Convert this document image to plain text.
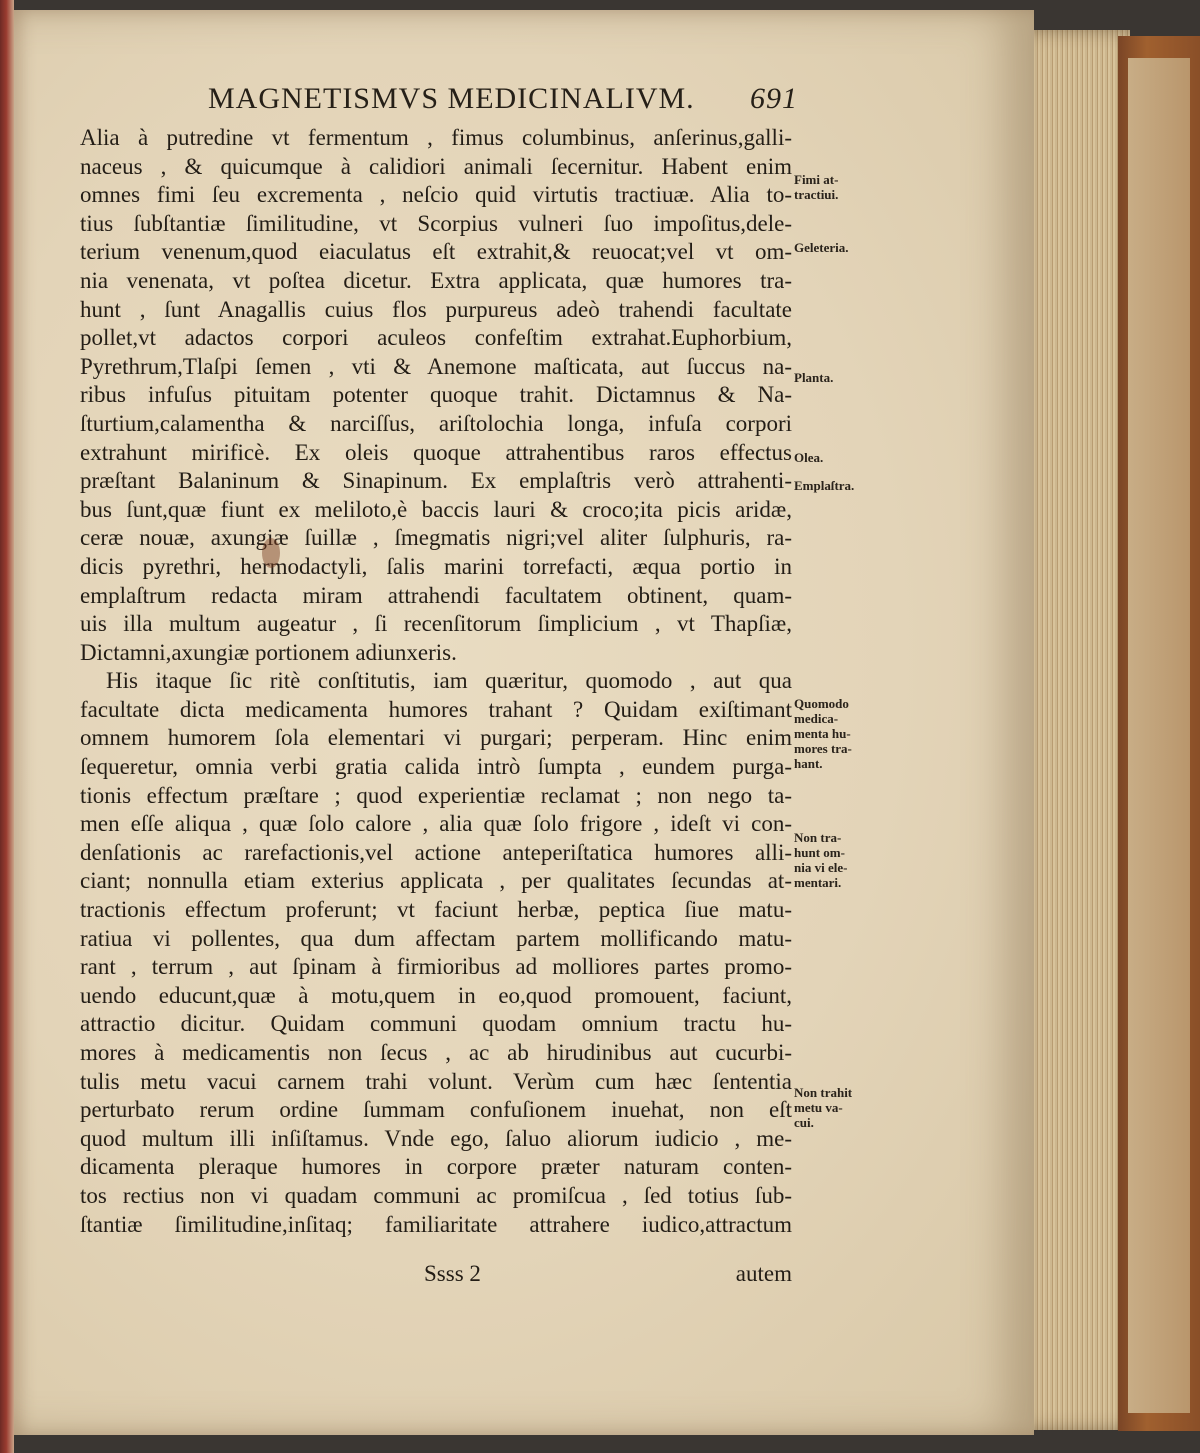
MAGNETISMVS MEDICINALIVM. 691
Alia à putredine vt fermentum , fimus columbinus, anſerinus,galli-
naceus , & quicumque à calidiori animali ſecernitur. Habent enim
omnes fimi ſeu excrementa , neſcio quid virtutis tractiuæ. Alia to-
tius ſubſtantiæ ſimilitudine, vt Scorpius vulneri ſuo impoſitus,dele-
terium venenum,quod eiaculatus eſt extrahit,& reuocat;vel vt om-
nia venenata, vt poſtea dicetur. Extra applicata, quæ humores tra-
hunt , ſunt Anagallis cuius flos purpureus adeò trahendi facultate
pollet,vt adactos corpori aculeos confeſtim extrahat.Euphorbium,
Pyrethrum,Tlaſpi ſemen , vti & Anemone maſticata, aut ſuccus na-
ribus infuſus pituitam potenter quoque trahit. Dictamnus & Na-
ſturtium,calamentha & narciſſus, ariſtolochia longa, infuſa corpori
extrahunt mirificè. Ex oleis quoque attrahentibus raros effectus
præſtant Balaninum & Sinapinum. Ex emplaſtris verò attrahenti-
bus ſunt,quæ fiunt ex meliloto,è baccis lauri & croco;ita picis aridæ,
ceræ nouæ, axungiæ ſuillæ , ſmegmatis nigri;vel aliter ſulphuris, ra-
dicis pyrethri, hermodactyli, ſalis marini torrefacti, æqua portio in
emplaſtrum redacta miram attrahendi facultatem obtinent, quam-
uis illa multum augeatur , ſi recenſitorum ſimplicium , vt Thapſiæ,
Dictamni,axungiæ portionem adiunxeris.
His itaque ſic ritè conſtitutis, iam quæritur, quomodo , aut qua
facultate dicta medicamenta humores trahant ? Quidam exiſtimant
omnem humorem ſola elementari vi purgari; perperam. Hinc enim
ſequeretur, omnia verbi gratia calida intrò ſumpta , eundem purga-
tionis effectum præſtare ; quod experientiæ reclamat ; non nego ta-
men eſſe aliqua , quæ ſolo calore , alia quæ ſolo frigore , ideſt vi con-
denſationis ac rarefactionis,vel actione anteperiſtatica humores alli-
ciant; nonnulla etiam exterius applicata , per qualitates ſecundas at-
tractionis effectum proferunt; vt faciunt herbæ, peptica ſiue matu-
ratiua vi pollentes, qua dum affectam partem mollificando matu-
rant , terrum , aut ſpinam à firmioribus ad molliores partes promo-
uendo educunt,quæ à motu,quem in eo,quod promouent, faciunt,
attractio dicitur. Quidam communi quodam omnium tractu hu-
mores à medicamentis non ſecus , ac ab hirudinibus aut cucurbi-
tulis metu vacui carnem trahi volunt. Verùm cum hæc ſententia
perturbato rerum ordine ſummam confuſionem inuehat, non eſt
quod multum illi inſiſtamus. Vnde ego, ſaluo aliorum iudicio , me-
dicamenta pleraque humores in corpore præter naturam conten-
tos rectius non vi quadam communi ac promiſcua , ſed totius ſub-
ſtantiæ ſimilitudine,inſitaq; familiaritate attrahere iudico,attractum
Fimi at-
tractiui.
Geleteria.
Planta.
Olea.
Emplaſtra.
Quomodo
medica-
menta hu-
mores tra-
hant.
Non tra-
hunt om-
nia vi ele-
mentari.
Non trahit
metu va-
cui.
Ssss 2	autem
